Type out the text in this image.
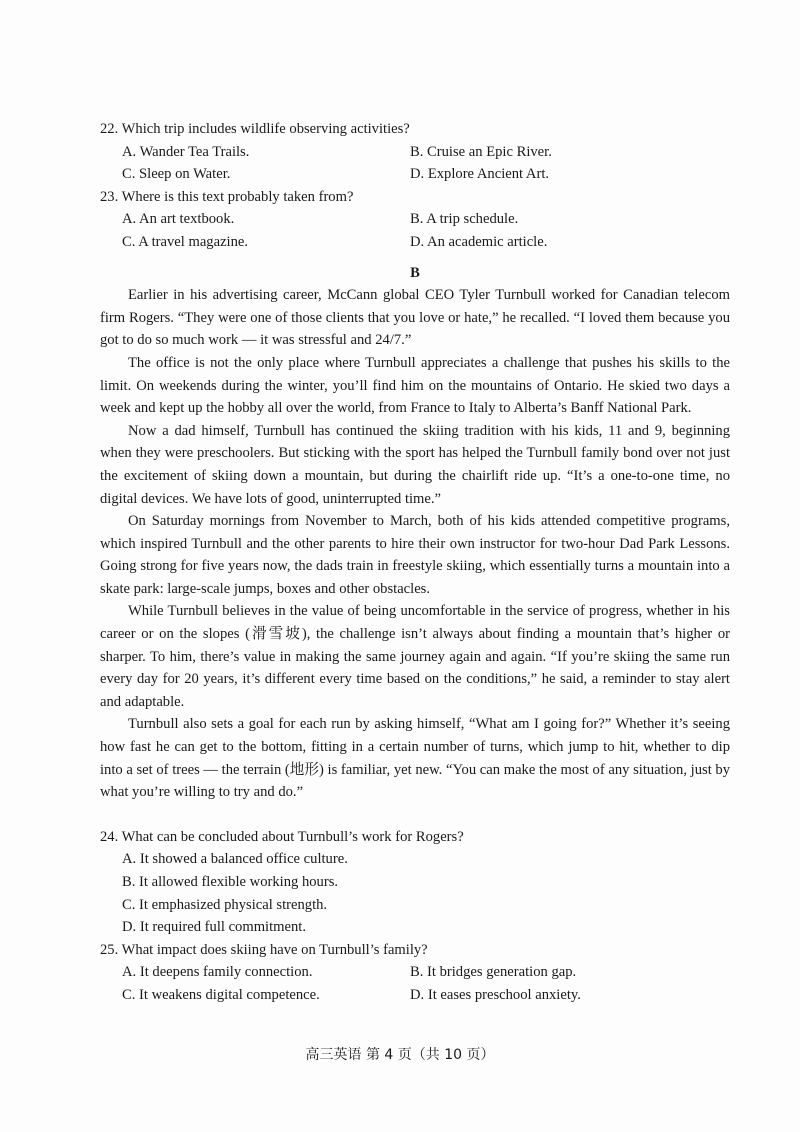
22. Which trip includes wildlife observing activities?

A. Wander Tea Trails.	B. Cruise an Epic River.

C. Sleep on Water.	D. Explore Ancient Art.

23. Where is this text probably taken from?

A. An art textbook.	B. A trip schedule.

C. A travel magazine.	D. An academic article.

B

Earlier in his advertising career, McCann global CEO Tyler Turnbull worked for Canadian telecom firm Rogers. “They were one of those clients that you love or hate,” he recalled. “I loved them because you got to do so much work — it was stressful and 24/7.”

The office is not the only place where Turnbull appreciates a challenge that pushes his skills to the limit. On weekends during the winter, you’ll find him on the mountains of Ontario. He skied two days a week and kept up the hobby all over the world, from France to Italy to Alberta’s Banff National Park.

Now a dad himself, Turnbull has continued the skiing tradition with his kids, 11 and 9, beginning when they were preschoolers. But sticking with the sport has helped the Turnbull family bond over not just the excitement of skiing down a mountain, but during the chairlift ride up. “It’s a one-to-one time, no digital devices. We have lots of good, uninterrupted time.”

On Saturday mornings from November to March, both of his kids attended competitive programs, which inspired Turnbull and the other parents to hire their own instructor for two-hour Dad Park Lessons. Going strong for five years now, the dads train in freestyle skiing, which essentially turns a mountain into a skate park: large-scale jumps, boxes and other obstacles.

While Turnbull believes in the value of being uncomfortable in the service of progress, whether in his career or on the slopes (滑雪坡), the challenge isn’t always about finding a mountain that’s higher or sharper. To him, there’s value in making the same journey again and again. “If you’re skiing the same run every day for 20 years, it’s different every time based on the conditions,” he said, a reminder to stay alert and adaptable.

Turnbull also sets a goal for each run by asking himself, “What am I going for?” Whether it’s seeing how fast he can get to the bottom, fitting in a certain number of turns, which jump to hit, whether to dip into a set of trees — the terrain (地形) is familiar, yet new. “You can make the most of any situation, just by what you’re willing to try and do.”

24. What can be concluded about Turnbull’s work for Rogers?

A. It showed a balanced office culture.

B. It allowed flexible working hours.

C. It emphasized physical strength.

D. It required full commitment.

25. What impact does skiing have on Turnbull’s family?

A. It deepens family connection.	B. It bridges generation gap.

C. It weakens digital competence.	D. It eases preschool anxiety.

高三英语 第 4 页（共 10 页）
